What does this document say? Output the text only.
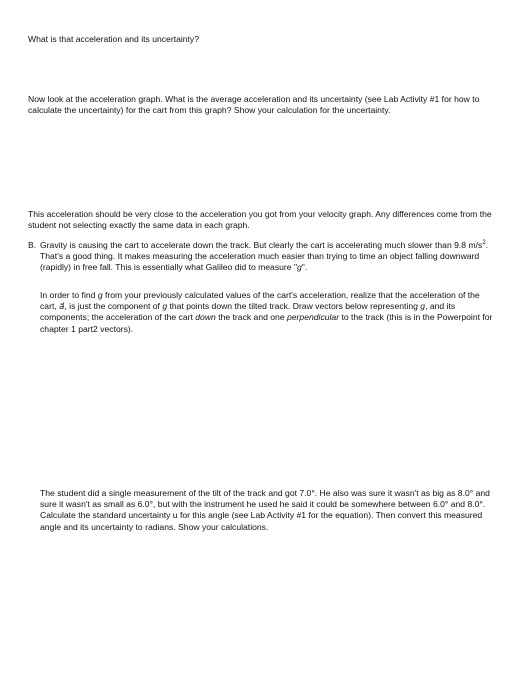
What is that acceleration and its uncertainty?

Now look at the acceleration graph. What is the average acceleration and its uncertainty (see Lab Activity #1 for how to calculate the uncertainty) for the cart from this graph? Show your calculation for the uncertainty.

This acceleration should be very close to the acceleration you got from your velocity graph. Any differences come from the student not selecting exactly the same data in each graph.

B. Gravity is causing the cart to accelerate down the track. But clearly the cart is accelerating much slower than 9.8 $m/s^2$. That's a good thing. It makes measuring the acceleration much easier than trying to time an object falling downward (rapidly) in free fall. This is essentially what Galileo did to measure "g".

In order to find g from your previously calculated values of the cart's acceleration, realize that the acceleration of the cart, a⃗, is just the component of g that points down the tilted track. Draw vectors below representing g, and its components; the acceleration of the cart down the track and one perpendicular to the track (this is in the Powerpoint for chapter 1 part2 vectors).

The student did a single measurement of the tilt of the track and got 7.0°. He also was sure it wasn't as big as 8.0° and sure it wasn't as small as 6.0°, but with the instrument he used he said it could be somewhere between 6.0° and 8.0°. Calculate the standard uncertainty u for this angle (see Lab Activity #1 for the equation). Then convert this measured angle and its uncertainty to radians. Show your calculations.
